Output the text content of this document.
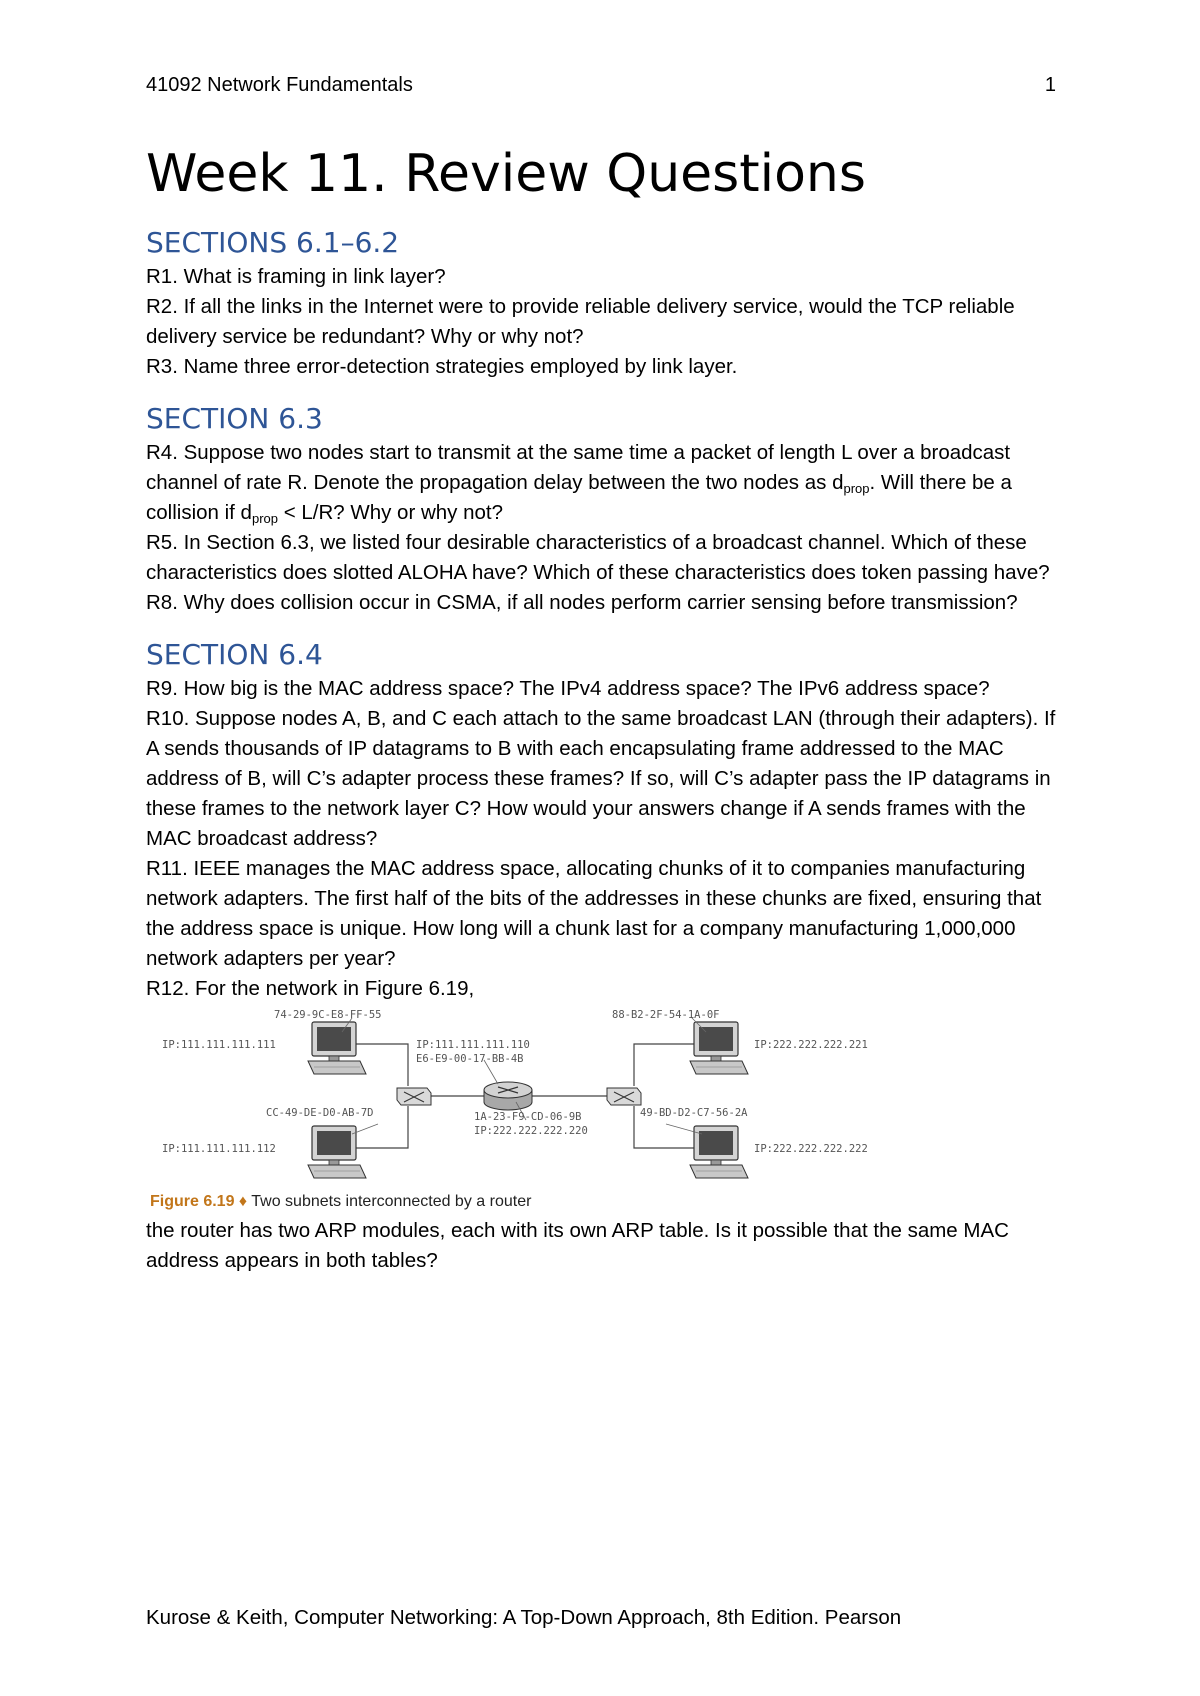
41092 Network Fundamentals	1
Week 11. Review Questions
SECTIONS 6.1–6.2

R1. What is framing in link layer?

R2. If all the links in the Internet were to provide reliable delivery service, would the TCP reliable delivery service be redundant? Why or why not?

R3. Name three error-detection strategies employed by link layer.

SECTION 6.3

R4. Suppose two nodes start to transmit at the same time a packet of length L over a broadcast channel of rate R. Denote the propagation delay between the two nodes as $d_{prop}$. Will there be a collision if $d_{prop} < L/R$? Why or why not?

R5. In Section 6.3, we listed four desirable characteristics of a broadcast channel. Which of these characteristics does slotted ALOHA have? Which of these characteristics does token passing have?

R8. Why does collision occur in CSMA, if all nodes perform carrier sensing before transmission?

SECTION 6.4

R9. How big is the MAC address space? The IPv4 address space? The IPv6 address space?

R10. Suppose nodes A, B, and C each attach to the same broadcast LAN (through their adapters). If A sends thousands of IP datagrams to B with each encapsulating frame addressed to the MAC address of B, will C’s adapter process these frames? If so, will C’s adapter pass the IP datagrams in these frames to the network layer C? How would your answers change if A sends frames with the MAC broadcast address?

R11. IEEE manages the MAC address space, allocating chunks of it to companies manufacturing network adapters. The first half of the bits of the addresses in these chunks are fixed, ensuring that the address space is unique. How long will a chunk last for a company manufacturing 1,000,000 network adapters per year?

R12. For the network in Figure 6.19,

74-29-9C-E8-FF-55
IP:111.111.111.111	IP:111.111.111.110
E6-E9-00-17-BB-4B
CC-49-DE-D0-AB-7D
IP:111.111.111.112
1A-23-F9-CD-06-9B
IP:222.222.222.220
88-B2-2F-54-1A-0F
IP:222.222.222.221
49-BD-D2-C7-56-2A
IP:222.222.222.222

Figure 6.19 ♦ Two subnets interconnected by a router

the router has two ARP modules, each with its own ARP table. Is it possible that the same MAC address appears in both tables?

Kurose & Keith, Computer Networking: A Top-Down Approach, 8th Edition. Pearson
